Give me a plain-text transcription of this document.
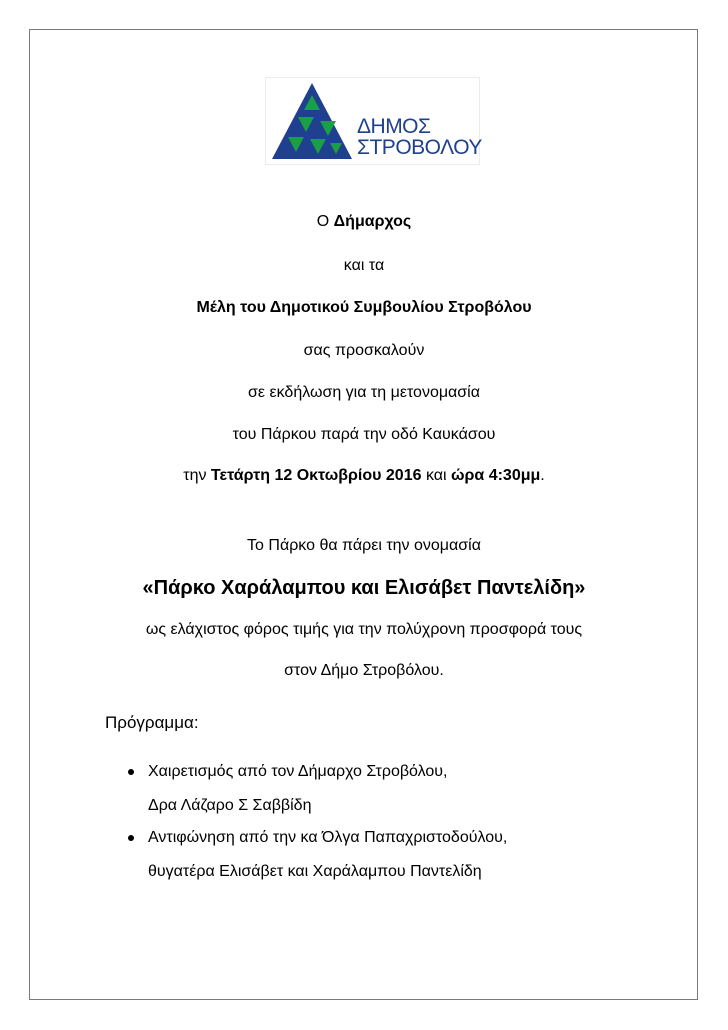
ΔΗΜΟΣ
ΣΤΡΟΒΟΛΟΥ
Ο Δήμαρχος
και τα
Μέλη του Δημοτικού Συμβουλίου Στροβόλου
σας προσκαλούν
σε εκδήλωση για τη μετονομασία
του Πάρκου παρά την οδό Καυκάσου
την Τετάρτη 12 Οκτωβρίου 2016 και ώρα 4:30μμ.
Το Πάρκο θα πάρει την ονομασία
«Πάρκο Χαράλαμπου και Ελισάβετ Παντελίδη»
ως ελάχιστος φόρος τιμής για την πολύχρονη προσφορά τους
στον Δήμο Στροβόλου.
Πρόγραμμα:
Χαιρετισμός από τον Δήμαρχο Στροβόλου,
Δρα Λάζαρο Σ Σαββίδη
Αντιφώνηση από την κα Όλγα Παπαχριστοδούλου,
θυγατέρα Ελισάβετ και Χαράλαμπου Παντελίδη
